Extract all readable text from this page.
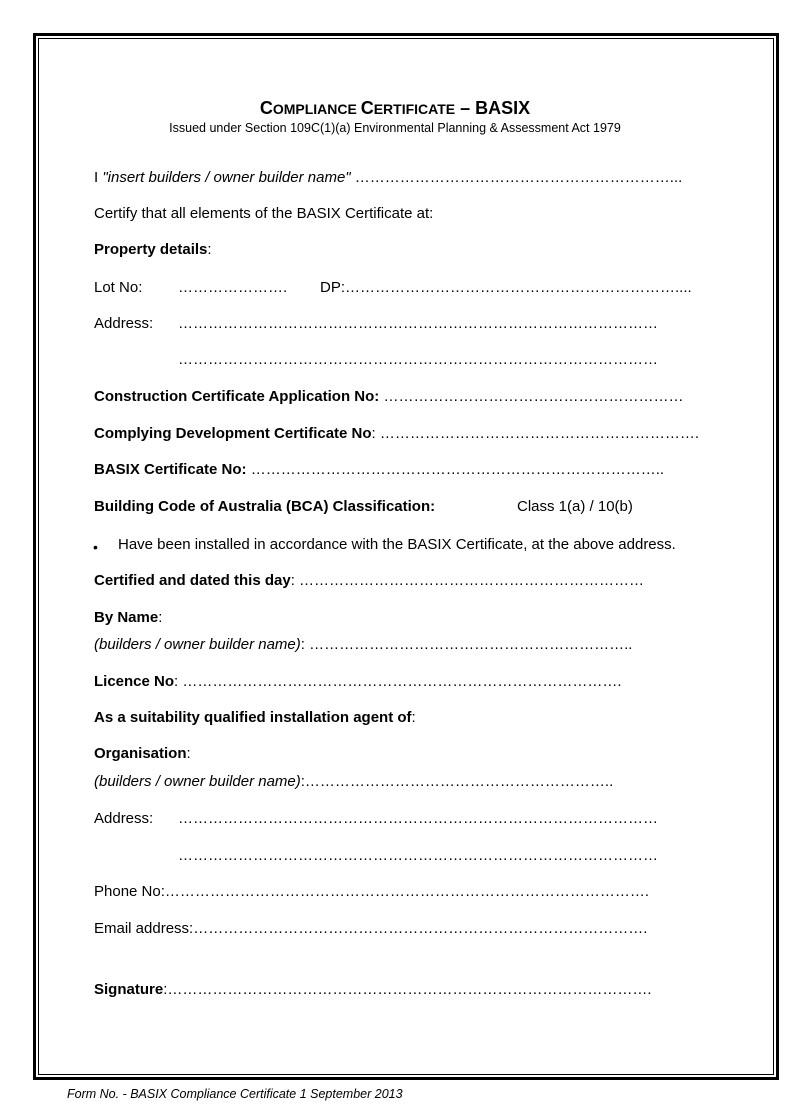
COMPLIANCE CERTIFICATE – BASIX
Issued under Section 109C(1)(a) Environmental Planning & Assessment Act 1979
I "insert builders / owner builder name" ………………………………………………………...
Certify that all elements of the BASIX Certificate at:
Property details:
Lot No: …………………. DP:…………………………………………………………....
Address: ……………………………………………………………………………………
……………………………………………………………………………………
Construction Certificate Application No: ……………………………………………………
Complying Development Certificate No: ……………………………………………………….
BASIX Certificate No: ………………………………………………………………………..
Building Code of Australia (BCA) Classification:	Class 1(a) / 10(b)
• Have been installed in accordance with the BASIX Certificate, at the above address.
Certified and dated this day: ……………………………………………………………
By Name:
(builders / owner builder name): ………………………………………………………..
Licence No: …………………………………………………………………………….
As a suitability qualified installation agent of:
Organisation:
(builders / owner builder name):……………………………………………………..
Address: ……………………………………………………………………………………
……………………………………………………………………………………
Phone No:…………………………………………………………………………………….
Email address:……………………………………………………………………………….
Signature:…………………………………………………………………………………….
Form No. - BASIX Compliance Certificate 1 September 2013
